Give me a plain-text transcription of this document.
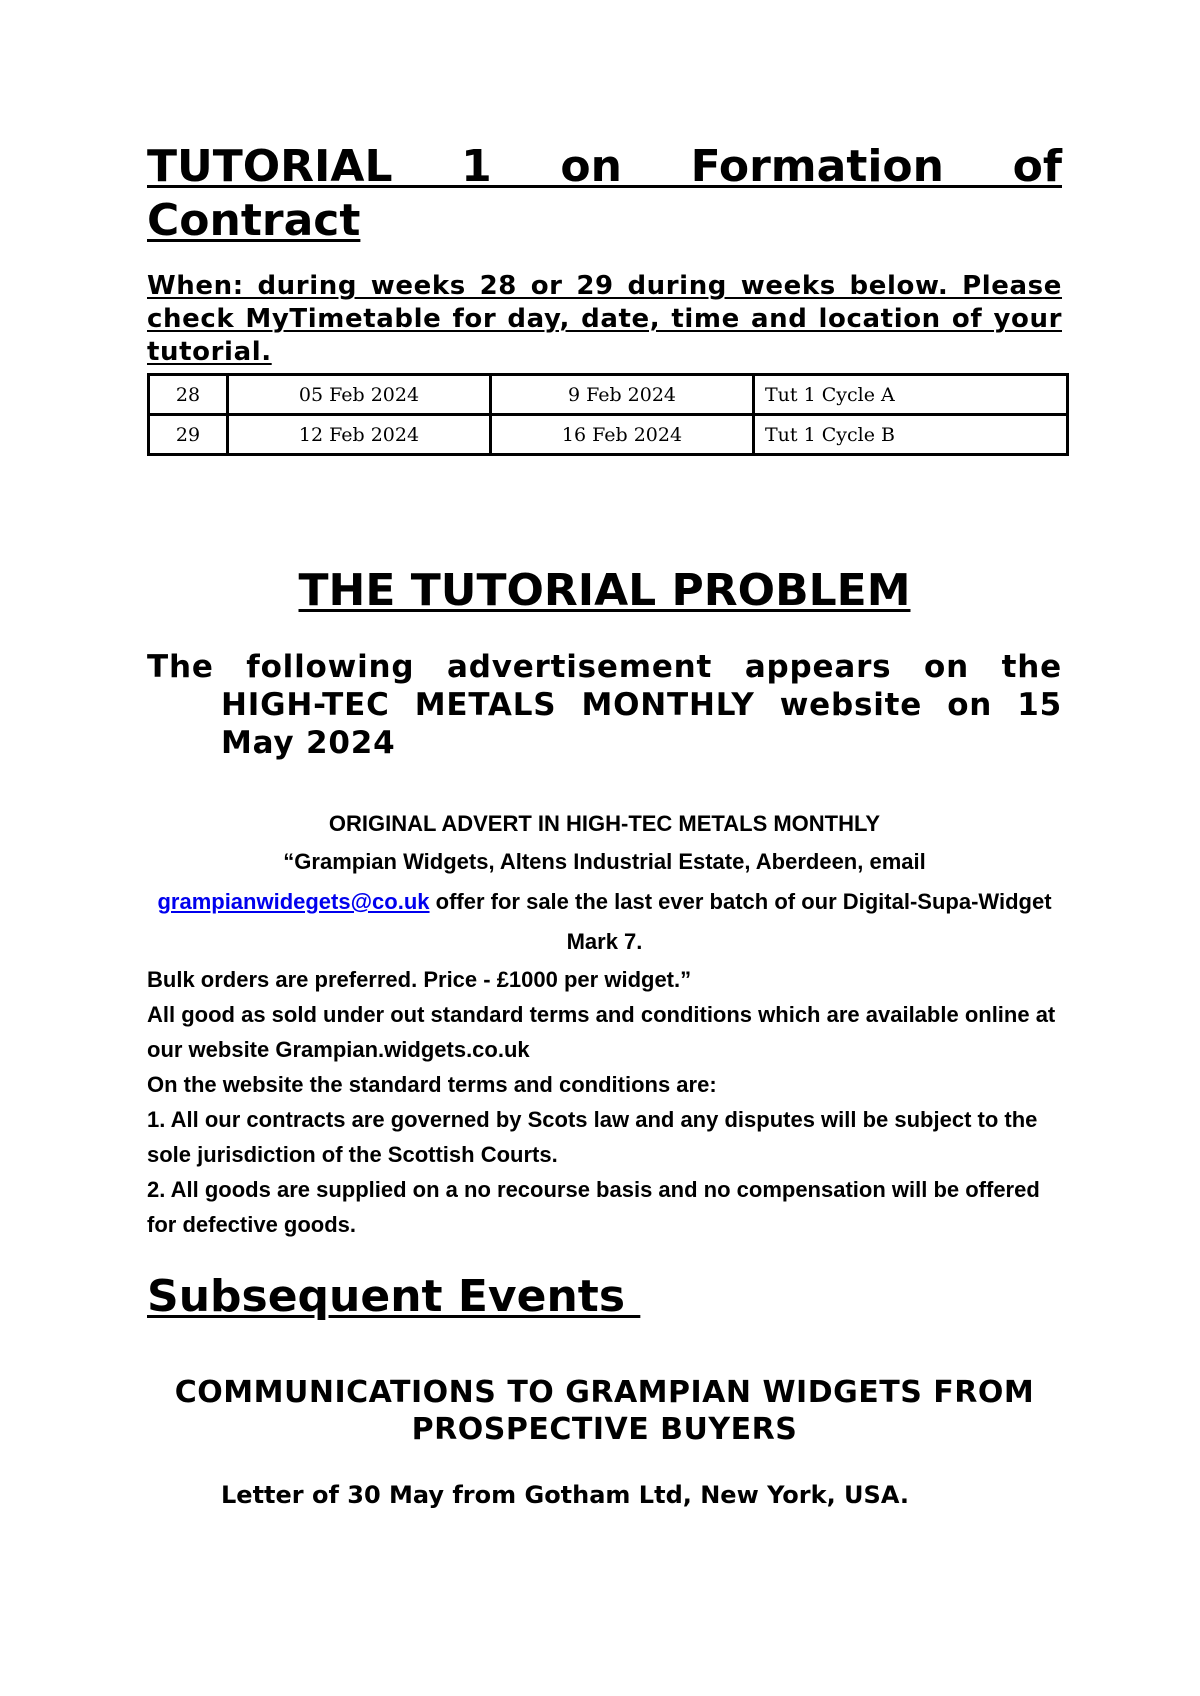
TUTORIAL 1 on Formation of Contract

When: during weeks 28 or 29 during weeks below. Please check MyTimetable for day, date, time and location of your tutorial.

28	05 Feb 2024	9 Feb 2024	Tut 1 Cycle A
29	12 Feb 2024	16 Feb 2024	Tut 1 Cycle B
THE TUTORIAL PROBLEM

The following advertisement appears on the HIGH-TEC METALS MONTHLY website on 15 May 2024

ORIGINAL ADVERT IN HIGH-TEC METALS MONTHLY
“Grampian Widgets, Altens Industrial Estate, Aberdeen, email
grampianwidegets@co.uk offer for sale the last ever batch of our Digital-Supa-Widget Mark 7.
Bulk orders are preferred. Price - £1000 per widget.”
All good as sold under out standard terms and conditions which are available online at our website Grampian.widgets.co.uk
On the website the standard terms and conditions are:
1. All our contracts are governed by Scots law and any disputes will be subject to the sole jurisdiction of the Scottish Courts.
2. All goods are supplied on a no recourse basis and no compensation will be offered for defective goods.
Subsequent Events
COMMUNICATIONS TO GRAMPIAN WIDGETS FROM PROSPECTIVE BUYERS

Letter of 30 May from Gotham Ltd, New York, USA.
